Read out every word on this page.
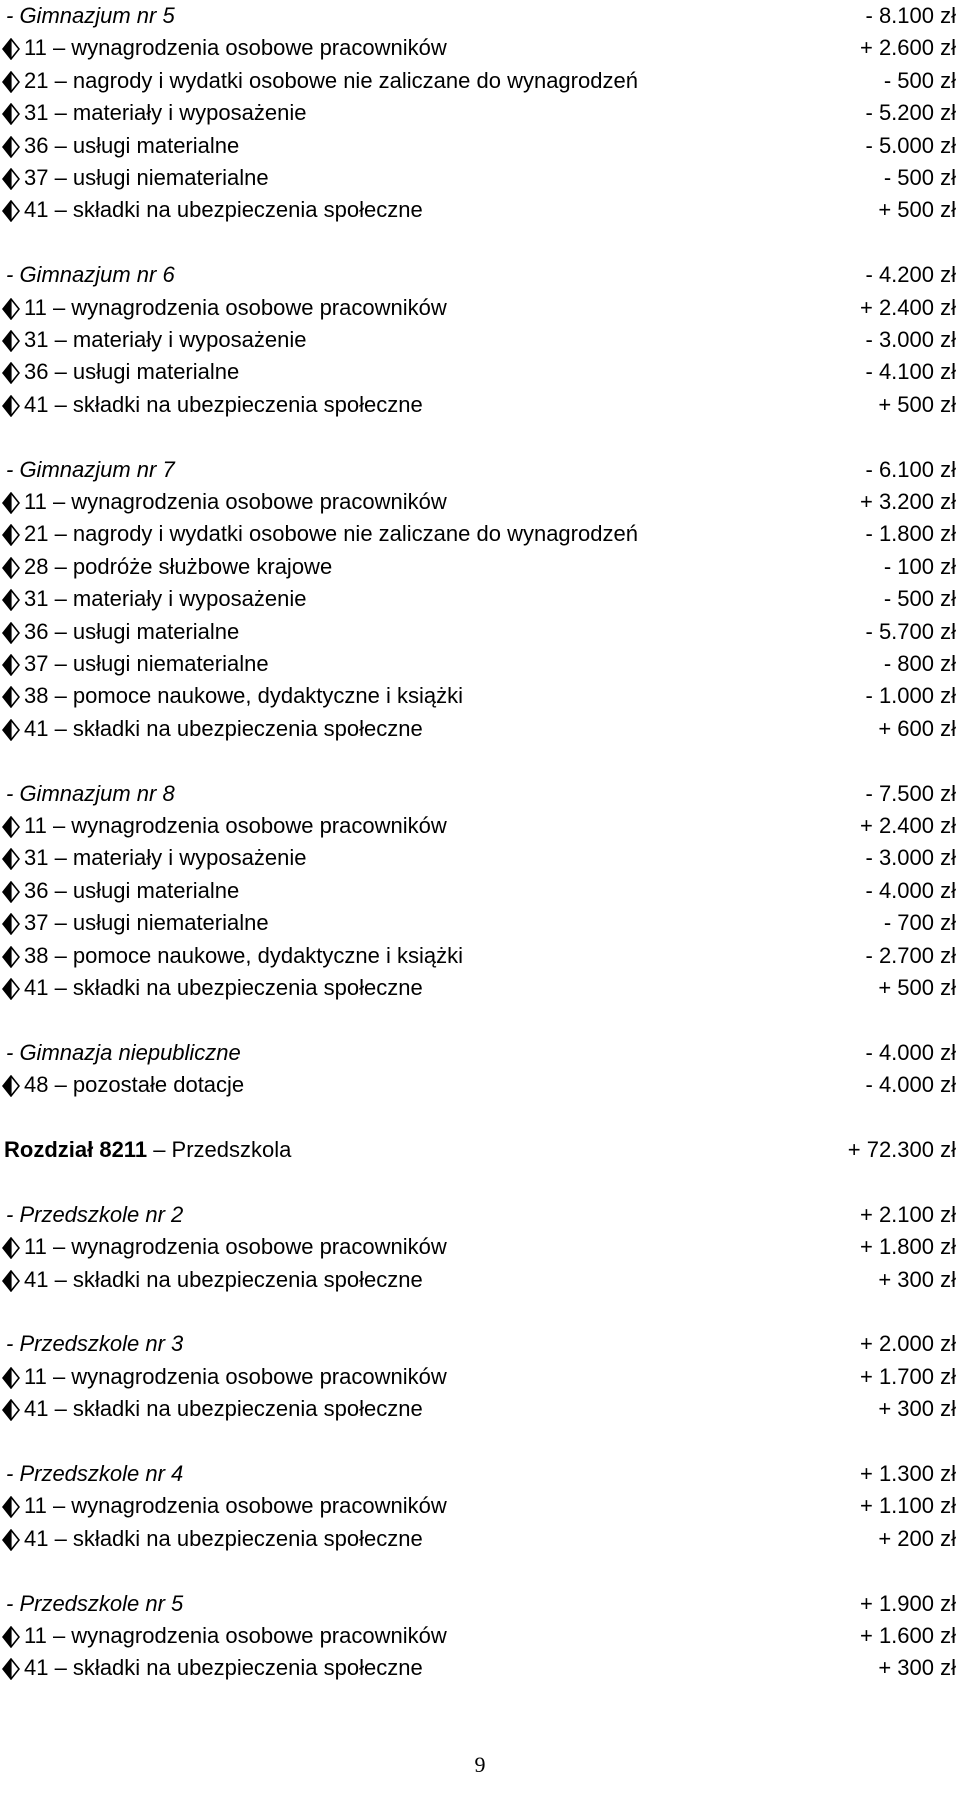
- Gimnazjum nr 5	- 8.100 zł
11 – wynagrodzenia osobowe pracowników	+ 2.600 zł
21 – nagrody i wydatki osobowe nie zaliczane do wynagrodzeń	- 500 zł
31 – materiały i wyposażenie	- 5.200 zł
36 – usługi materialne	- 5.000 zł
37 – usługi niematerialne	- 500 zł
41 – składki na ubezpieczenia społeczne	+ 500 zł
- Gimnazjum nr 6	- 4.200 zł
11 – wynagrodzenia osobowe pracowników	+ 2.400 zł
31 – materiały i wyposażenie	- 3.000 zł
36 – usługi materialne	- 4.100 zł
41 – składki na ubezpieczenia społeczne	+ 500 zł
- Gimnazjum nr 7	- 6.100 zł
11 – wynagrodzenia osobowe pracowników	+ 3.200 zł
21 – nagrody i wydatki osobowe nie zaliczane do wynagrodzeń	- 1.800 zł
28 – podróże służbowe krajowe	- 100 zł
31 – materiały i wyposażenie	- 500 zł
36 – usługi materialne	- 5.700 zł
37 – usługi niematerialne	- 800 zł
38 – pomoce naukowe, dydaktyczne i książki	- 1.000 zł
41 – składki na ubezpieczenia społeczne	+ 600 zł
- Gimnazjum nr 8	- 7.500 zł
11 – wynagrodzenia osobowe pracowników	+ 2.400 zł
31 – materiały i wyposażenie	- 3.000 zł
36 – usługi materialne	- 4.000 zł
37 – usługi niematerialne	- 700 zł
38 – pomoce naukowe, dydaktyczne i książki	- 2.700 zł
41 – składki na ubezpieczenia społeczne	+ 500 zł
- Gimnazja niepubliczne	- 4.000 zł
48 – pozostałe dotacje	- 4.000 zł
Rozdział 8211 – Przedszkola	+ 72.300 zł
- Przedszkole nr 2	+ 2.100 zł
11 – wynagrodzenia osobowe pracowników	+ 1.800 zł
41 – składki na ubezpieczenia społeczne	+ 300 zł
- Przedszkole nr 3	+ 2.000 zł
11 – wynagrodzenia osobowe pracowników	+ 1.700 zł
41 – składki na ubezpieczenia społeczne	+ 300 zł
- Przedszkole nr 4	+ 1.300 zł
11 – wynagrodzenia osobowe pracowników	+ 1.100 zł
41 – składki na ubezpieczenia społeczne	+ 200 zł
- Przedszkole nr 5	+ 1.900 zł
11 – wynagrodzenia osobowe pracowników	+ 1.600 zł
41 – składki na ubezpieczenia społeczne	+ 300 zł
9
